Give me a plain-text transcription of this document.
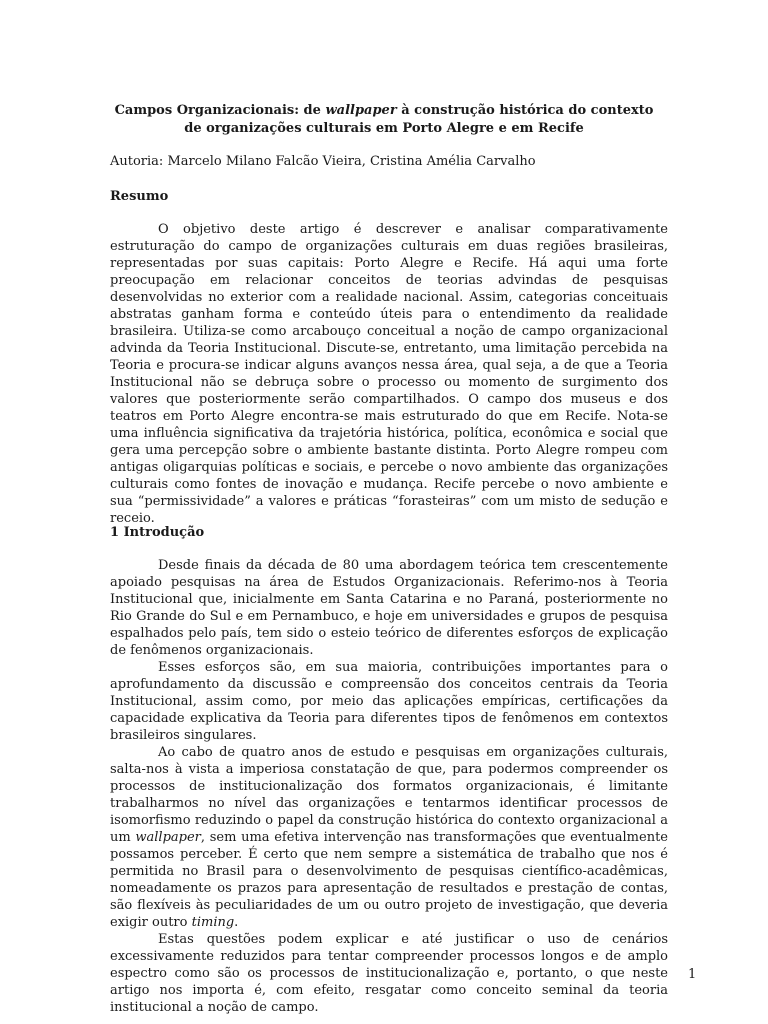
Campos Organizacionais: de wallpaper à construção histórica do contexto de organizações culturais em Porto Alegre e em Recife
Autoria: Marcelo Milano Falcão Vieira, Cristina Amélia Carvalho
Resumo

O objetivo deste artigo é descrever e analisar comparativamente estruturação do campo de organizações culturais em duas regiões brasileiras, representadas por suas capitais: Porto Alegre e Recife. Há aqui uma forte preocupação em relacionar conceitos de teorias advindas de pesquisas desenvolvidas no exterior com a realidade nacional. Assim, categorias conceituais abstratas ganham forma e conteúdo úteis para o entendimento da realidade brasileira. Utiliza-se como arcabouço conceitual a noção de campo organizacional advinda da Teoria Institucional. Discute-se, entretanto, uma limitação percebida na Teoria e procura-se indicar alguns avanços nessa área, qual seja, a de que a Teoria Institucional não se debruça sobre o processo ou momento de surgimento dos valores que posteriormente serão compartilhados. O campo dos museus e dos teatros em Porto Alegre encontra-se mais estruturado do que em Recife. Nota-se uma influência significativa da trajetória histórica, política, econômica e social que gera uma percepção sobre o ambiente bastante distinta. Porto Alegre rompeu com antigas oligarquias políticas e sociais, e percebe o novo ambiente das organizações culturais como fontes de inovação e mudança. Recife percebe o novo ambiente e sua “permissividade” a valores e práticas “forasteiras” com um misto de sedução e receio.

1 Introdução

Desde finais da década de 80 uma abordagem teórica tem crescentemente apoiado pesquisas na área de Estudos Organizacionais. Referimo-nos à Teoria Institucional que, inicialmente em Santa Catarina e no Paraná, posteriormente no Rio Grande do Sul e em Pernambuco, e hoje em universidades e grupos de pesquisa espalhados pelo país, tem sido o esteio teórico de diferentes esforços de explicação de fenômenos organizacionais.

Esses esforços são, em sua maioria, contribuições importantes para o aprofundamento da discussão e compreensão dos conceitos centrais da Teoria Institucional, assim como, por meio das aplicações empíricas, certificações da capacidade explicativa da Teoria para diferentes tipos de fenômenos em contextos brasileiros singulares.

Ao cabo de quatro anos de estudo e pesquisas em organizações culturais, salta-nos à vista a imperiosa constatação de que, para podermos compreender os processos de institucionalização dos formatos organizacionais, é limitante trabalharmos no nível das organizações e tentarmos identificar processos de isomorfismo reduzindo o papel da construção histórica do contexto organizacional a um wallpaper, sem uma efetiva intervenção nas transformações que eventualmente possamos perceber. É certo que nem sempre a sistemática de trabalho que nos é permitida no Brasil para o desenvolvimento de pesquisas científico-acadêmicas, nomeadamente os prazos para apresentação de resultados e prestação de contas, são flexíveis às peculiaridades de um ou outro projeto de investigação, que deveria exigir outro timing.

Estas questões podem explicar e até justificar o uso de cenários excessivamente reduzidos para tentar compreender processos longos e de amplo espectro como são os processos de institucionalização e, portanto, o que neste artigo nos importa é, com efeito, resgatar como conceito seminal da teoria institucional a noção de campo.

1
